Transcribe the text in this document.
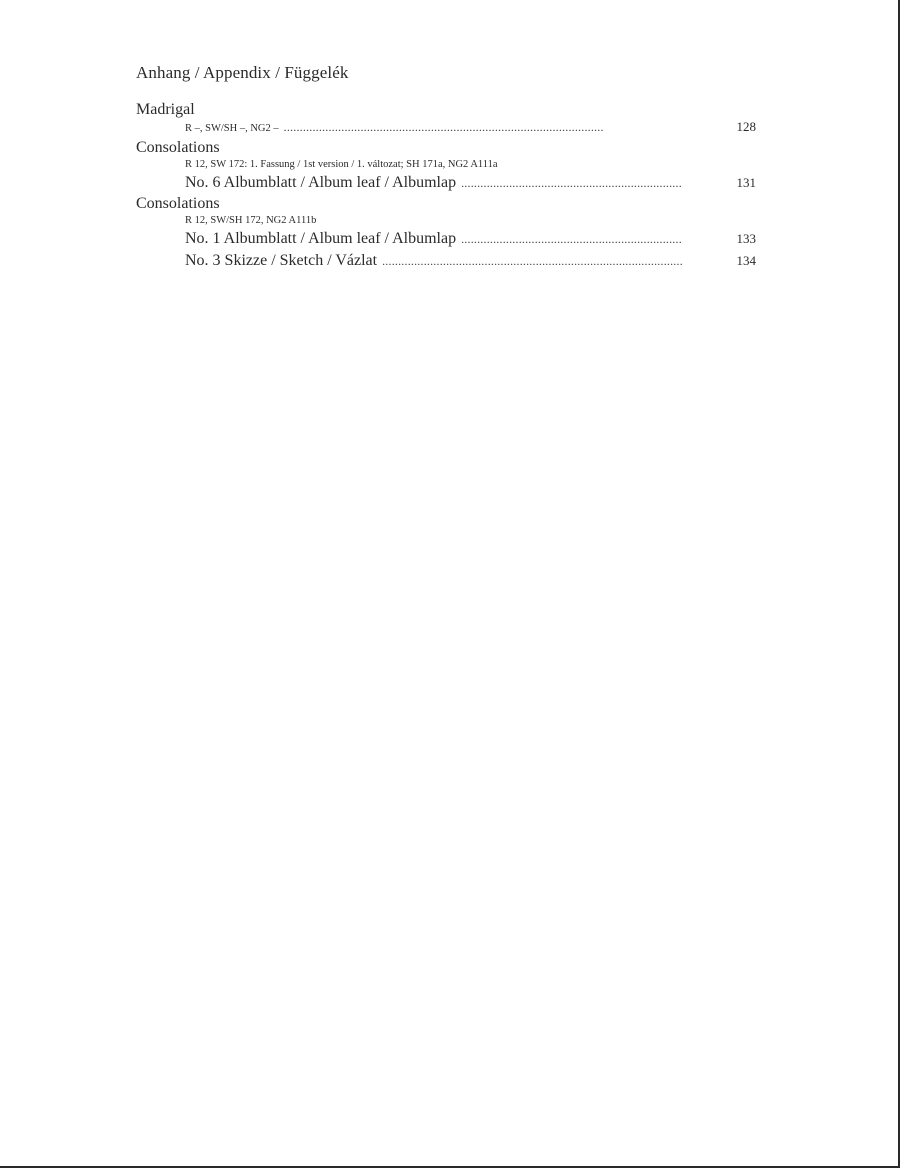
Anhang / Appendix / Függelék
Madrigal
R –, SW/SH –, NG2 – . . .	128
Consolations
R 12, SW 172: 1. Fassung / 1st version / 1. változat; SH 171a, NG2 A111a
No. 6 Albumblatt / Album leaf / Albumlap . . .	131
Consolations
R 12, SW/SH 172, NG2 A111b
No. 1 Albumblatt / Album leaf / Albumlap . . .	133
No. 3 Skizze / Sketch / Vázlat . . .	134
